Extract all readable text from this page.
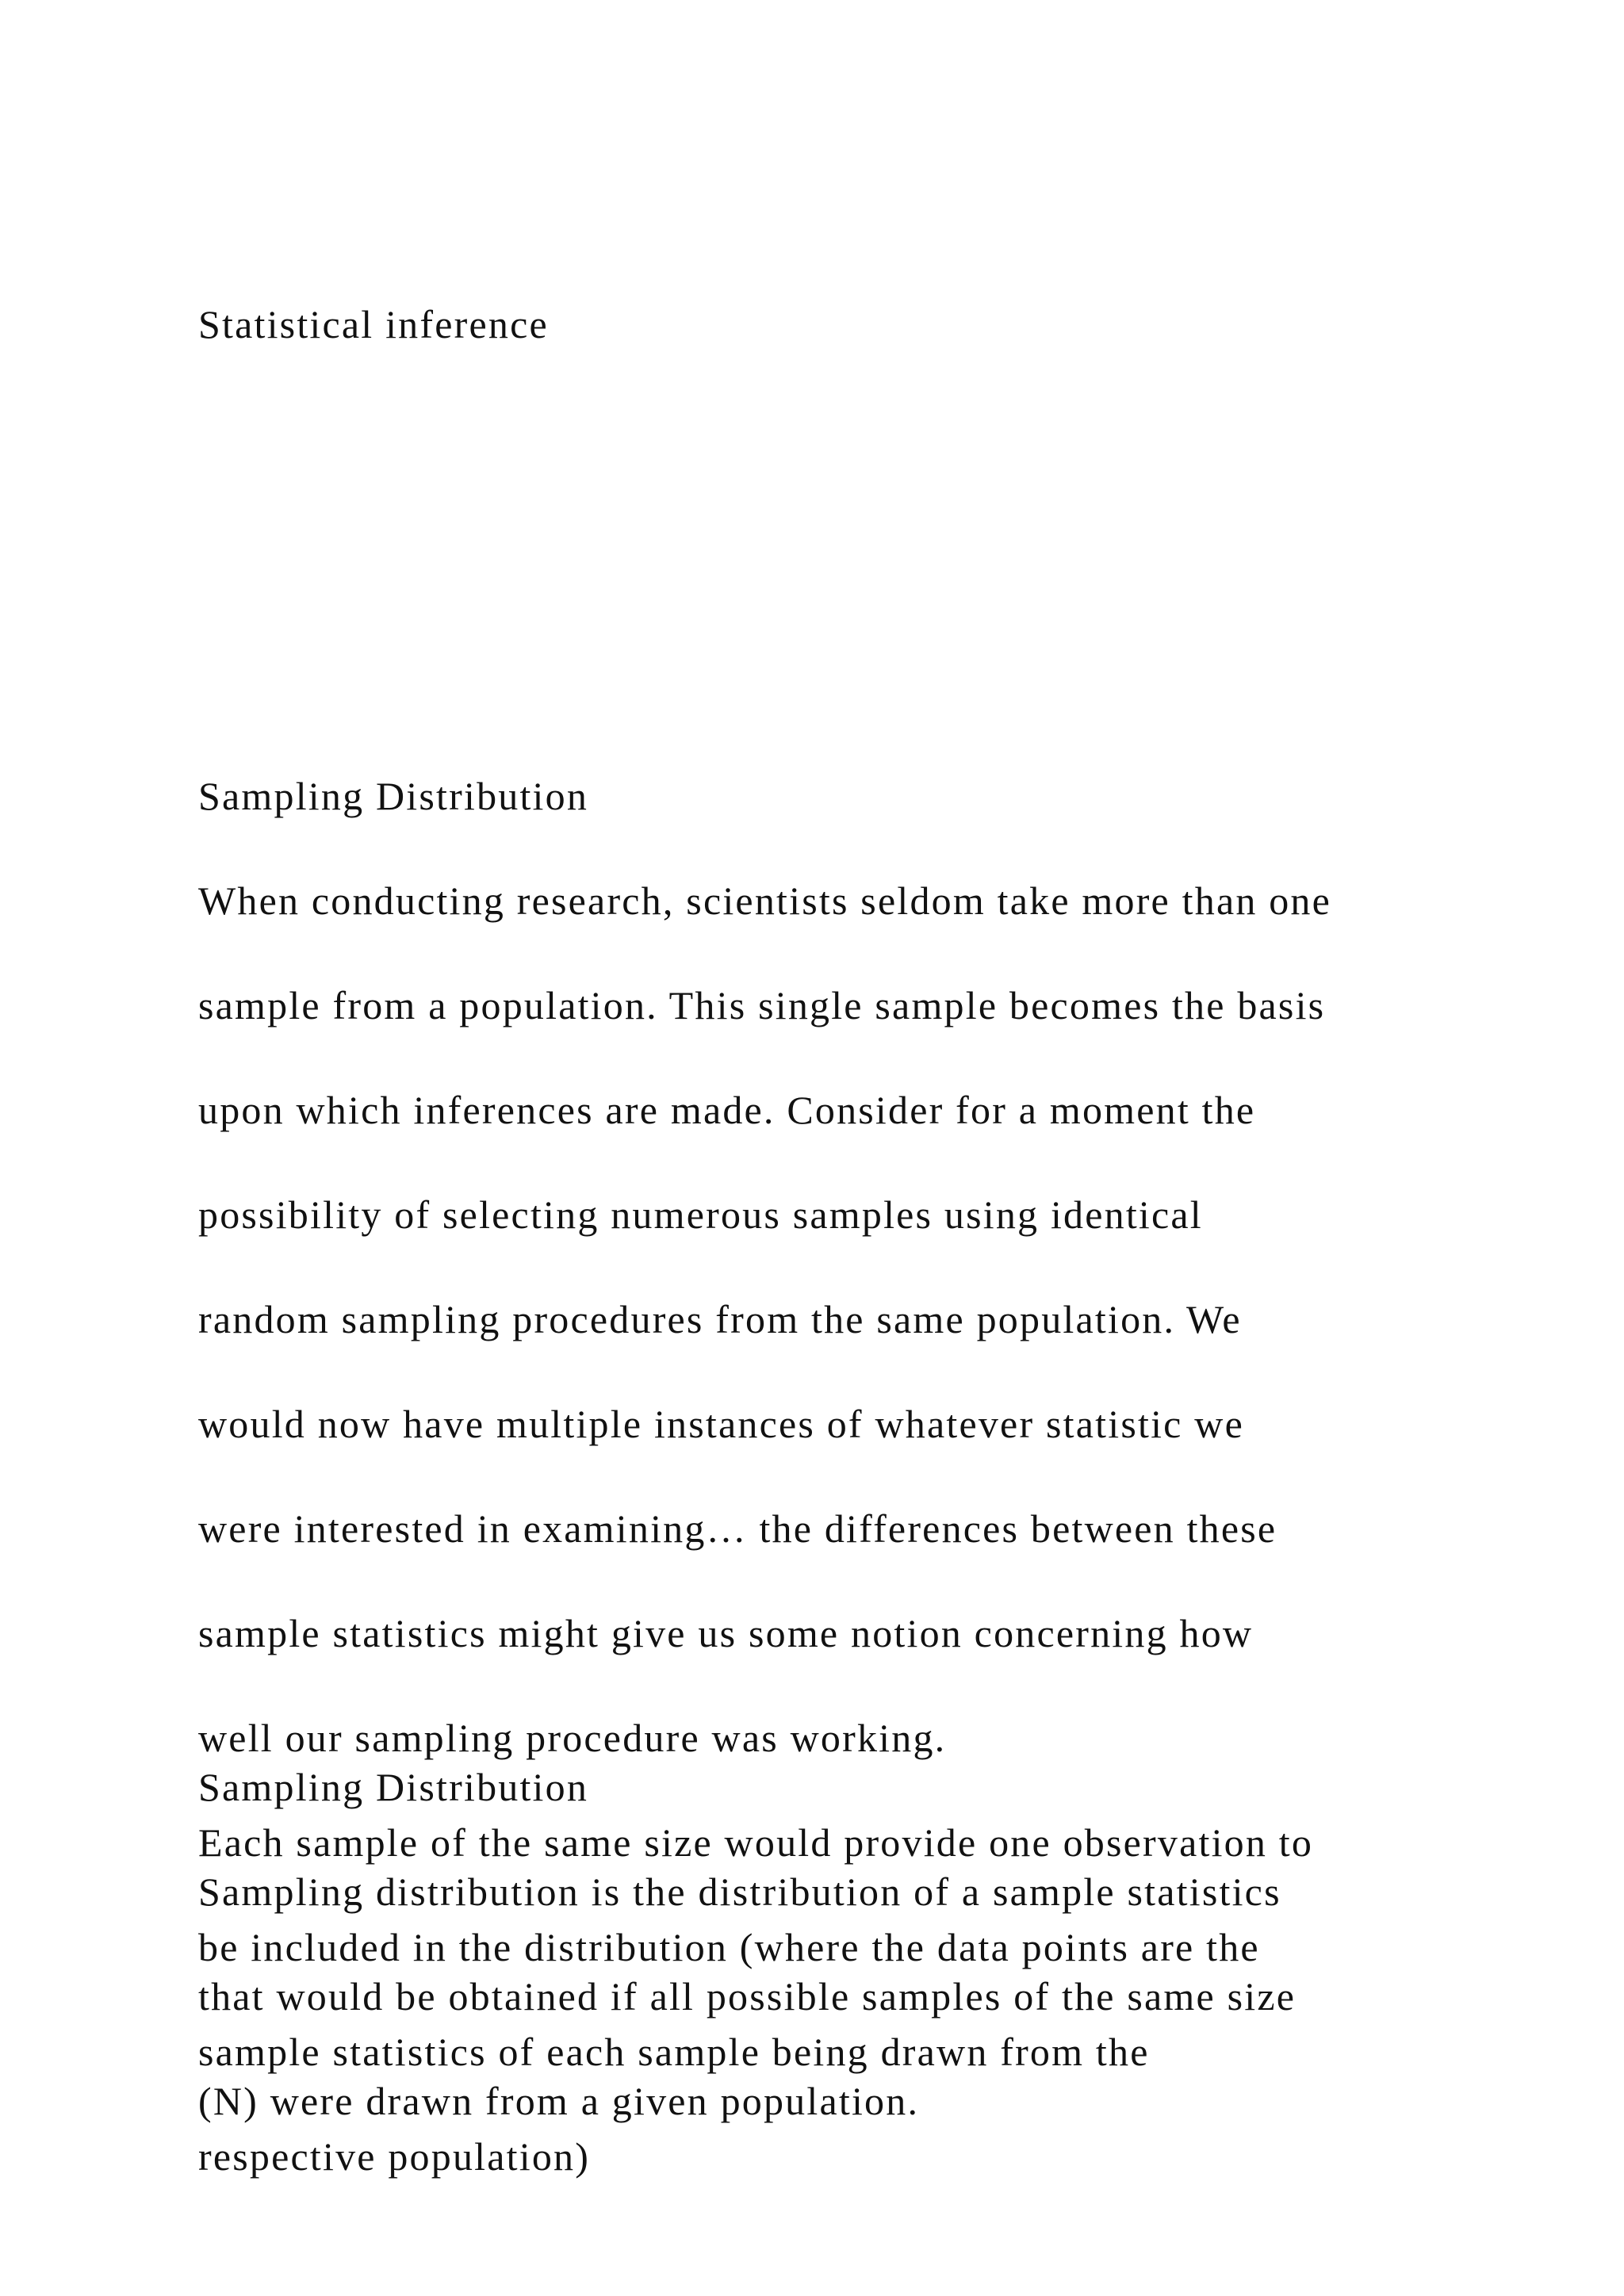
Statistical inference

Sampling Distribution

When conducting research, scientists seldom take more than one

sample from a population. This single sample becomes the basis

upon which inferences are made. Consider for a moment the

possibility of selecting numerous samples using identical

random sampling procedures from the same population. We

would now have multiple instances of whatever statistic we

were interested in examining… the differences between these

sample statistics might give us some notion concerning how

well our sampling procedure was working.

Each sample of the same size would provide one observation to

be included in the distribution (where the data points are the

sample statistics of each sample being drawn from the

respective population)

Sampling Distribution

Sampling distribution is the distribution of a sample statistics

that would be obtained if all possible samples of the same size

(N) were drawn from a given population.
